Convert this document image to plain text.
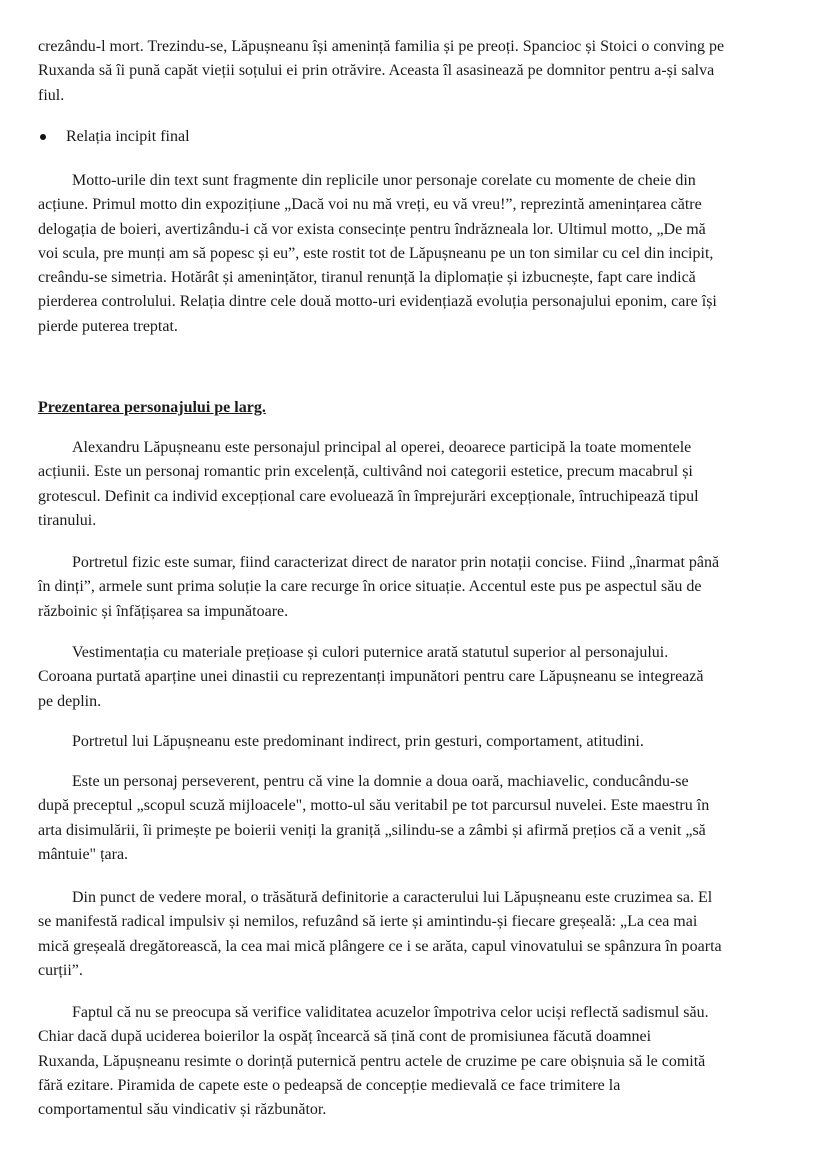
crezându-l mort. Trezindu-se, Lăpușneanu își amenință familia și pe preoți. Spancioc și Stoici o conving pe
Ruxanda să îi pună capăt vieții soțului ei prin otrăvire. Aceasta îl asasinează pe domnitor pentru a-și salva
fiul.
Relația incipit final
Motto-urile din text sunt fragmente din replicile unor personaje corelate cu momente de cheie din
acțiune. Primul motto din expozițiune „Dacă voi nu mă vreți, eu vă vreu!”, reprezintă amenințarea către
delogația de boieri, avertizându-i că vor exista consecințe pentru îndrăzneala lor. Ultimul motto, „De mă
voi scula, pre munți am să popesc și eu”, este rostit tot de Lăpușneanu pe un ton similar cu cel din incipit,
creându-se simetria. Hotărât și amenințător, tiranul renunță la diplomație și izbucnește, fapt care indică
pierderea controlului. Relația dintre cele două motto-uri evidențiază evoluția personajului eponim, care își
pierde puterea treptat.
Prezentarea personajului pe larg.
Alexandru Lăpușneanu este personajul principal al operei, deoarece participă la toate momentele
acțiunii. Este un personaj romantic prin excelență, cultivând noi categorii estetice, precum macabrul și
grotescul. Definit ca individ excepțional care evoluează în împrejurări excepționale, întruchipează tipul
tiranului.
Portretul fizic este sumar, fiind caracterizat direct de narator prin notații concise. Fiind „înarmat până
în dinți”, armele sunt prima soluție la care recurge în orice situație. Accentul este pus pe aspectul său de
războinic și înfățișarea sa impunătoare.
Vestimentația cu materiale prețioase și culori puternice arată statutul superior al personajului.
Coroana purtată aparține unei dinastii cu reprezentanți impunători pentru care Lăpușneanu se integrează
pe deplin.
Portretul lui Lăpușneanu este predominant indirect, prin gesturi, comportament, atitudini.
Este un personaj perseverent, pentru că vine la domnie a doua oară, machiavelic, conducându-se
după preceptul „scopul scuză mijloacele", motto-ul său veritabil pe tot parcursul nuvelei. Este maestru în
arta disimulării, îi primește pe boierii veniți la graniță „silindu-se a zâmbi și afirmă prețios că a venit „să
mântuie" țara.
Din punct de vedere moral, o trăsătură definitorie a caracterului lui Lăpușneanu este cruzimea sa. El
se manifestă radical impulsiv și nemilos, refuzând să ierte și amintindu-și fiecare greșeală: „La cea mai
mică greșeală dregătorească, la cea mai mică plângere ce i se arăta, capul vinovatului se spânzura în poarta
curții”.
Faptul că nu se preocupa să verifice validitatea acuzelor împotriva celor uciși reflectă sadismul său.
Chiar dacă după uciderea boierilor la ospăț încearcă să țină cont de promisiunea făcută doamnei
Ruxanda, Lăpușneanu resimte o dorință puternică pentru actele de cruzime pe care obișnuia să le comită
fără ezitare. Piramida de capete este o pedeapsă de concepție medievală ce face trimitere la
comportamentul său vindicativ și răzbunător.
